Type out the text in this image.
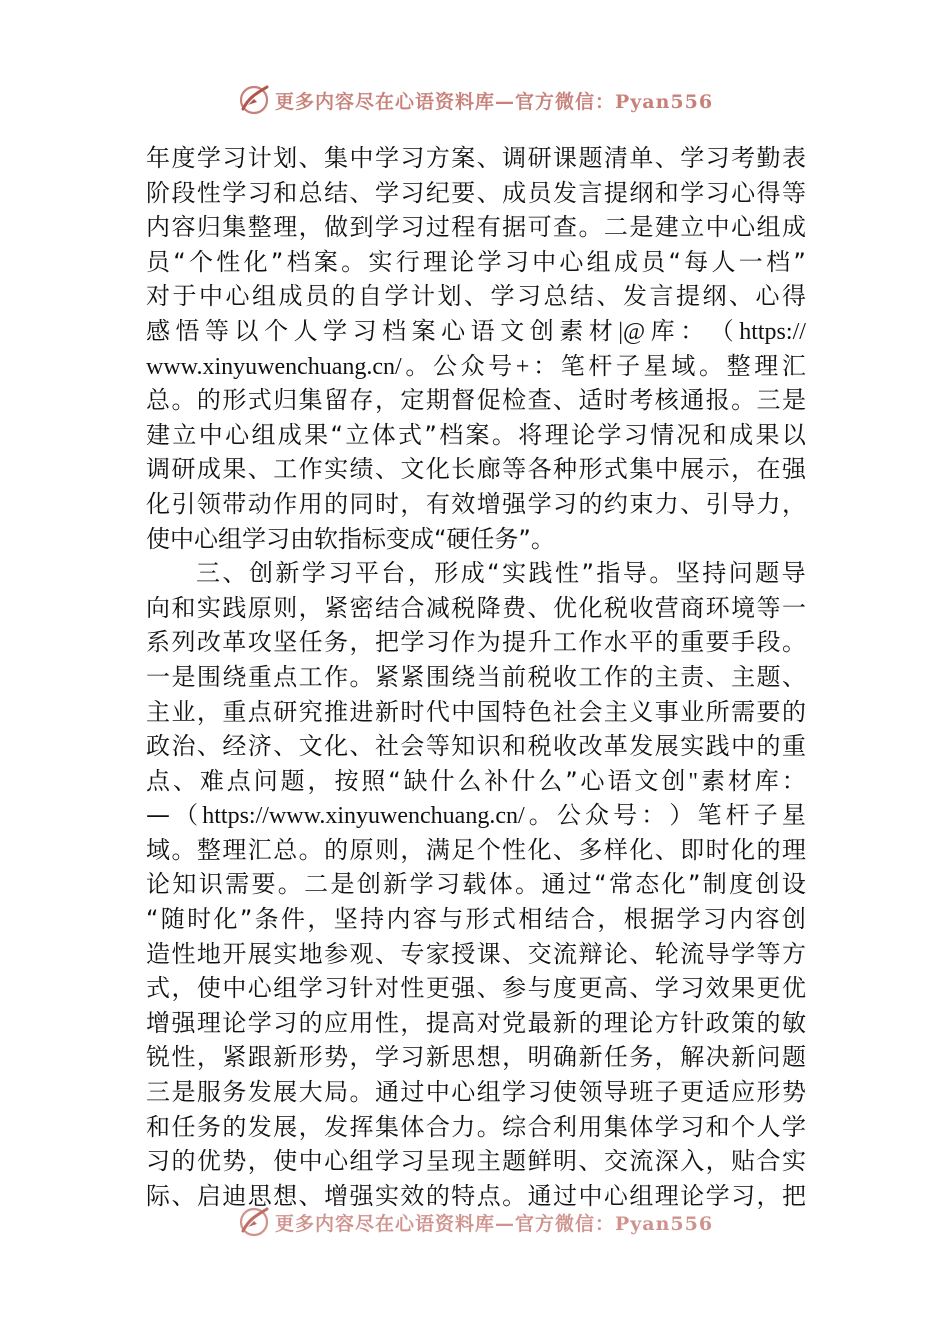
更多内容尽在心语资料库—官方微信：Pyan556
年 度 学 习 计 划 、 集 中 学 习 方 案 、 调 研 课 题 清 单 、 学 习 考 勤 表
阶 段 性 学 习 和 总 结 、 学 习 纪 要 、 成 员 发 言 提 纲 和 学 习 心 得 等
内 容 归 集 整 理 ， 做 到 学 习 过 程 有 据 可 查 。 二 是 建 立 中 心 组 成
员 “ 个 性 化 ” 档 案 。 实 行 理 论 学 习 中 心 组 成 员 “ 每 人 一 档 ”
对 于 中 心 组 成 员 的 自 学 计 划 、 学 习 总 结 、 发 言 提 纲 、 心 得
感 悟 等 以 个 人 学 习 档 案 心 语 文 创 素 材 |@ 库 ： （ https://
www.xinyuwenchuang.cn/ 。 公 众 号 + ： 笔 杆 子 星 域 。 整 理 汇
总 。 的 形 式 归 集 留 存 ， 定 期 督 促 检 查 、 适 时 考 核 通 报 。 三 是
建 立 中 心 组 成 果 “ 立 体 式 ” 档 案 。 将 理 论 学 习 情 况 和 成 果 以
调 研 成 果 、 工 作 实 绩 、 文 化 长 廊 等 各 种 形 式 集 中 展 示 ， 在 强
化 引 领 带 动 作 用 的 同 时 ， 有 效 增 强 学 习 的 约 束 力 、 引 导 力 ，
使中心组学习由软指标变成“硬任务”。
三 、 创 新 学 习 平 台 ， 形 成 “ 实 践 性 ” 指 导 。 坚 持 问 题 导
向 和 实 践 原 则 ， 紧 密 结 合 减 税 降 费 、 优 化 税 收 营 商 环 境 等 一
系 列 改 革 攻 坚 任 务 ， 把 学 习 作 为 提 升 工 作 水 平 的 重 要 手 段 。
一 是 围 绕 重 点 工 作 。 紧 紧 围 绕 当 前 税 收 工 作 的 主 责 、 主 题 、
主 业 ， 重 点 研 究 推 进 新 时 代 中 国 特 色 社 会 主 义 事 业 所 需 要 的
政 治 、 经 济 、 文 化 、 社 会 等 知 识 和 税 收 改 革 发 展 实 践 中 的 重
点 、 难 点 问 题 ， 按 照 “ 缺 什 么 补 什 么 ” 心 语 文 创 " 素 材 库 ：
— （ https://www.xinyuwenchuang.cn/ 。 公 众 号 ： ） 笔 杆 子 星
域 。 整 理 汇 总 。 的 原 则 ， 满 足 个 性 化 、 多 样 化 、 即 时 化 的 理
论 知 识 需 要 。 二 是 创 新 学 习 载 体 。 通 过 “ 常 态 化 ” 制 度 创 设
“ 随 时 化 ” 条 件 ， 坚 持 内 容 与 形 式 相 结 合 ， 根 据 学 习 内 容 创
造 性 地 开 展 实 地 参 观 、 专 家 授 课 、 交 流 辩 论 、 轮 流 导 学 等 方
式 ， 使 中 心 组 学 习 针 对 性 更 强 、 参 与 度 更 高 、 学 习 效 果 更 优
增 强 理 论 学 习 的 应 用 性 ， 提 高 对 党 最 新 的 理 论 方 针 政 策 的 敏
锐 性 ， 紧 跟 新 形 势 ， 学 习 新 思 想 ， 明 确 新 任 务 ， 解 决 新 问 题
三 是 服 务 发 展 大 局 。 通 过 中 心 组 学 习 使 领 导 班 子 更 适 应 形 势
和 任 务 的 发 展 ， 发 挥 集 体 合 力 。 综 合 利 用 集 体 学 习 和 个 人 学
习 的 优 势 ， 使 中 心 组 学 习 呈 现 主 题 鲜 明 、 交 流 深 入 ， 贴 合 实
际 、 启 迪 思 想 、 增 强 实 效 的 特 点 。 通 过 中 心 组 理 论 学 习 ， 把
更多内容尽在心语资料库—官方微信：Pyan556
